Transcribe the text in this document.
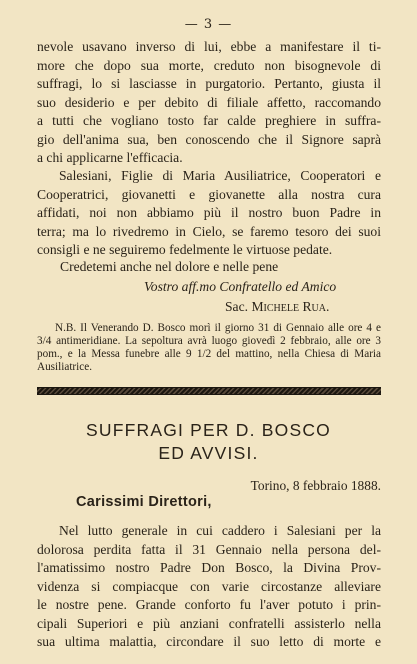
— 3 —
nevole usavano inverso di lui, ebbe a manifestare il ti-
more che dopo sua morte, creduto non bisognevole di
suffragi, lo si lasciasse in purgatorio. Pertanto, giusta il
suo desiderio e per debito di filiale affetto, raccomando
a tutti che vogliano tosto far calde preghiere in suffra-
gio dell'anima sua, ben conoscendo che il Signore saprà
a chi applicarne l'efficacia.
Salesiani, Figlie di Maria Ausiliatrice, Cooperatori e
Cooperatrici, giovanetti e giovanette alla nostra cura
affidati, noi non abbiamo più il nostro buon Padre in
terra; ma lo rivedremo in Cielo, se faremo tesoro dei suoi
consigli e ne seguiremo fedelmente le virtuose pedate.
Credetemi anche nel dolore e nelle pene
Vostro aff.mo Confratello ed Amico
Sac. Michele Rua.

N.B. Il Venerando D. Bosco morì il giorno 31 di Gennaio alle ore 4 e 3/4 antimeridiane. La sepoltura avrà luogo giovedì 2 febbraio, alle ore 3 pom., e la Messa funebre alle 9 1/2 del mattino, nella Chiesa di Maria Ausiliatrice.

SUFFRAGI PER D. BOSCO
ED AVVISI.
Torino, 8 febbraio 1888.
Carissimi Direttori,
Nel lutto generale in cui caddero i Salesiani per la
dolorosa perdita fatta il 31 Gennaio nella persona del-
l'amatissimo nostro Padre Don Bosco, la Divina Prov-
videnza si compiacque con varie circostanze alleviare
le nostre pene. Grande conforto fu l'aver potuto i prin-
cipali Superiori e più anziani confratelli assisterlo nella
sua ultima malattia, circondare il suo letto di morte e
